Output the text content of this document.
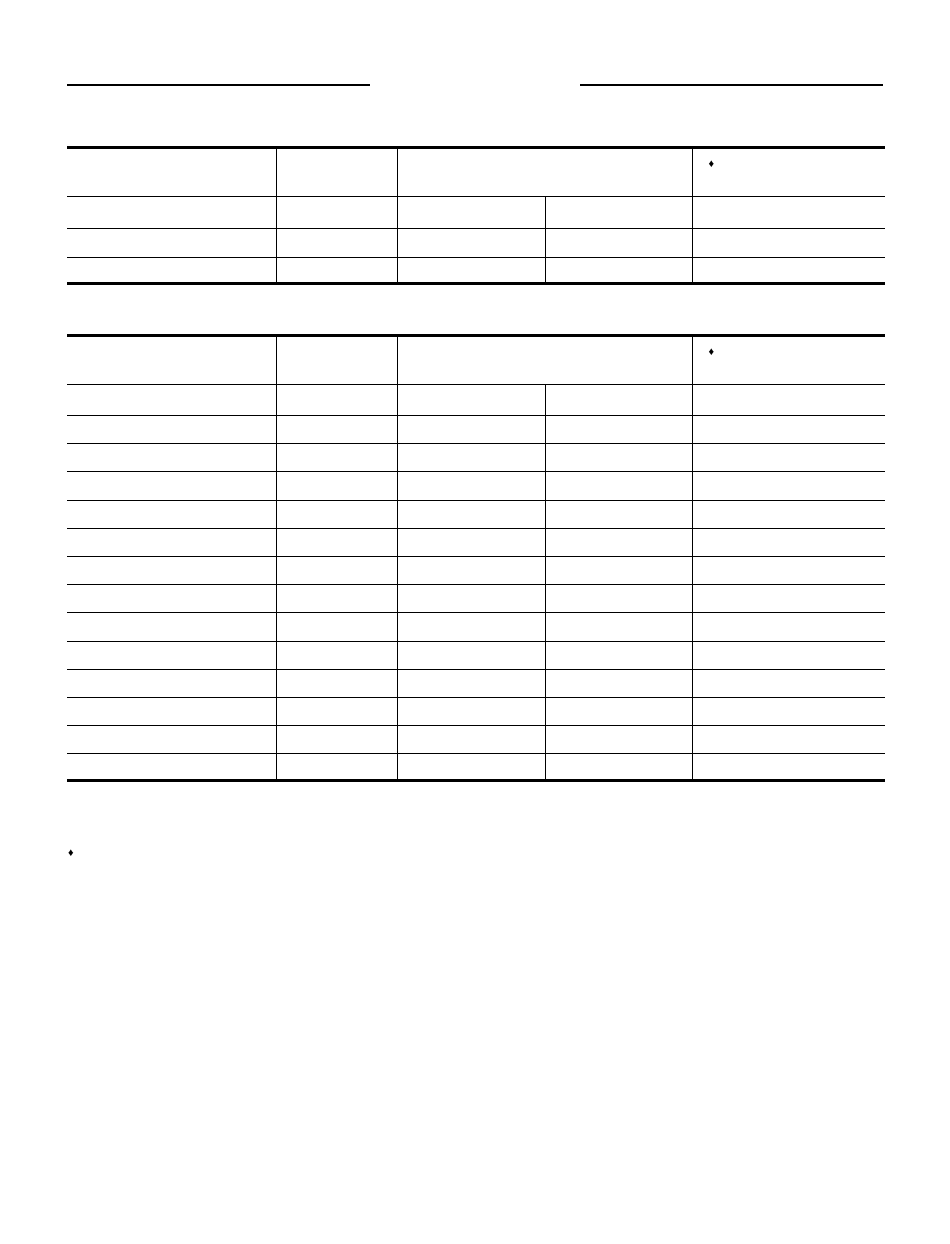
				♦

				♦

♦
